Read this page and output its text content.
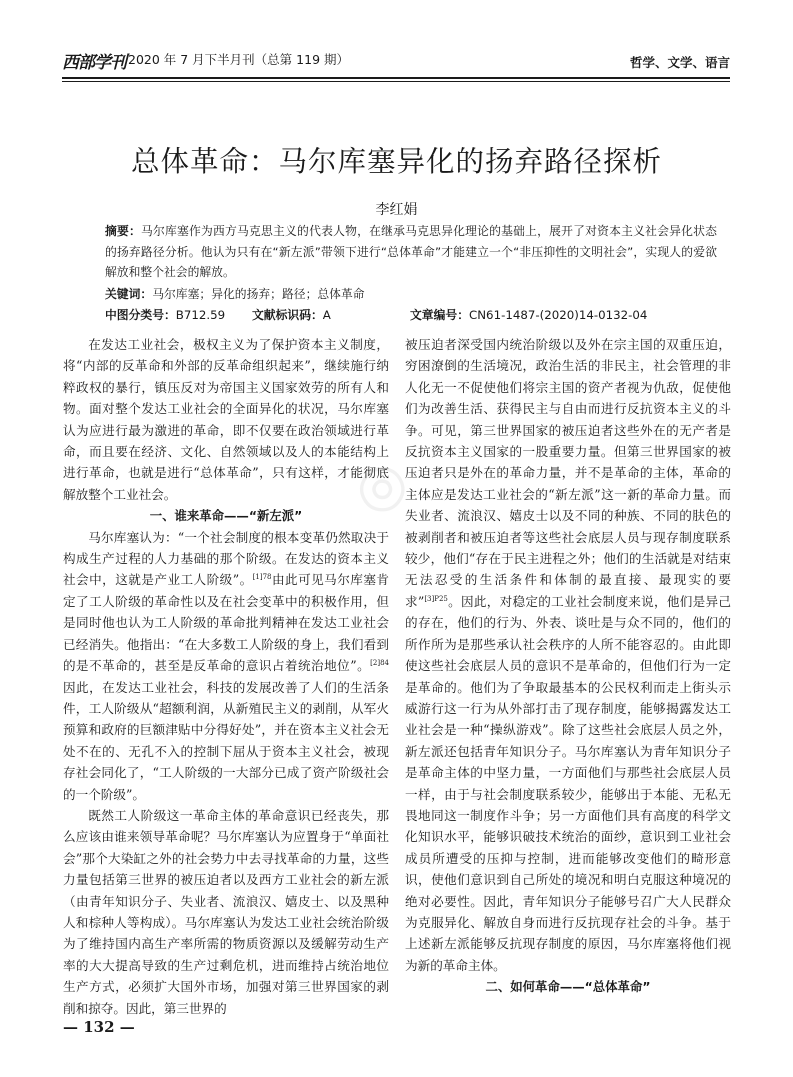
西部学刊 2020 年 7 月下半月刊（总第 119 期）	哲学、文学、语言
◎
总体革命：马尔库塞异化的扬弃路径探析
李红娟
摘要：马尔库塞作为西方马克思主义的代表人物，在继承马克思异化理论的基础上，展开了对资本主义社会异化状态的扬弃路径分析。他认为只有在“新左派”带领下进行“总体革命”才能建立一个“非压抑性的文明社会”，实现人的爱欲解放和整个社会的解放。
关键词：马尔库塞；异化的扬弃；路径；总体革命
中图分类号：B712.59 文献标识码：A	文章编号：CN61-1487-(2020)14-0132-04

在发达工业社会，极权主义为了保护资本主义制度，将“内部的反革命和外部的反革命组织起来”，继续施行纳粹政权的暴行，镇压反对为帝国主义国家效劳的所有人和物。面对整个发达工业社会的全面异化的状况，马尔库塞认为应进行最为激进的革命，即不仅要在政治领域进行革命，而且要在经济、文化、自然领域以及人的本能结构上进行革命，也就是进行“总体革命”，只有这样，才能彻底解放整个工业社会。

一、谁来革命——“新左派”

马尔库塞认为：“一个社会制度的根本变革仍然取决于构成生产过程的人力基础的那个阶级。在发达的资本主义社会中，这就是产业工人阶级”。$^{[1]78}$由此可见马尔库塞肯定了工人阶级的革命性以及在社会变革中的积极作用，但是同时他也认为工人阶级的革命批判精神在发达工业社会已经消失。他指出：“在大多数工人阶级的身上，我们看到的是不革命的，甚至是反革命的意识占着统治地位”。$^{[2]84}$因此，在发达工业社会，科技的发展改善了人们的生活条件，工人阶级从“超额利润，从新殖民主义的剥削，从军火预算和政府的巨额津贴中分得好处”，并在资本主义社会无处不在的、无孔不入的控制下屈从于资本主义社会，被现存社会同化了，“工人阶级的一大部分已成了资产阶级社会的一个阶级”。

既然工人阶级这一革命主体的革命意识已经丧失，那么应该由谁来领导革命呢？马尔库塞认为应置身于“单面社会”那个大染缸之外的社会势力中去寻找革命的力量，这些力量包括第三世界的被压迫者以及西方工业社会的新左派（由青年知识分子、失业者、流浪汉、嬉皮士、以及黑种人和棕种人等构成）。马尔库塞认为发达工业社会统治阶级为了维持国内高生产率所需的物质资源以及缓解劳动生产率的大大提高导致的生产过剩危机，进而维持占统治地位生产方式，必须扩大国外市场，加强对第三世界国家的剥削和掠夺。因此，第三世界的

被压迫者深受国内统治阶级以及外在宗主国的双重压迫，穷困潦倒的生活境况，政治生活的非民主，社会管理的非人化无一不促使他们将宗主国的资产者视为仇敌，促使他们为改善生活、获得民主与自由而进行反抗资本主义的斗争。可见，第三世界国家的被压迫者这些外在的无产者是反抗资本主义国家的一股重要力量。但第三世界国家的被压迫者只是外在的革命力量，并不是革命的主体，革命的主体应是发达工业社会的“新左派”这一新的革命力量。而失业者、流浪汉、嬉皮士以及不同的种族、不同的肤色的被剥削者和被压迫者等这些社会底层人员与现存制度联系较少，他们“存在于民主进程之外；他们的生活就是对结束无法忍受的生活条件和体制的最直接、最现实的要求”$^{[3]P25}$。因此，对稳定的工业社会制度来说，他们是异己的存在，他们的行为、外表、谈吐是与众不同的，他们的所作所为是那些承认社会秩序的人所不能容忍的。由此即使这些社会底层人员的意识不是革命的，但他们行为一定是革命的。他们为了争取最基本的公民权利而走上街头示威游行这一行为从外部打击了现存制度，能够揭露发达工业社会是一种“操纵游戏”。除了这些社会底层人员之外，新左派还包括青年知识分子。马尔库塞认为青年知识分子是革命主体的中坚力量，一方面他们与那些社会底层人员一样，由于与社会制度联系较少，能够出于本能、无私无畏地同这一制度作斗争；另一方面他们具有高度的科学文化知识水平，能够识破技术统治的面纱，意识到工业社会成员所遭受的压抑与控制，进而能够改变他们的畸形意识，使他们意识到自己所处的境况和明白克服这种境况的绝对必要性。因此，青年知识分子能够号召广大人民群众为克服异化、解放自身而进行反抗现存社会的斗争。基于上述新左派能够反抗现存制度的原因，马尔库塞将他们视为新的革命主体。

二、如何革命——“总体革命”
— 132 —
